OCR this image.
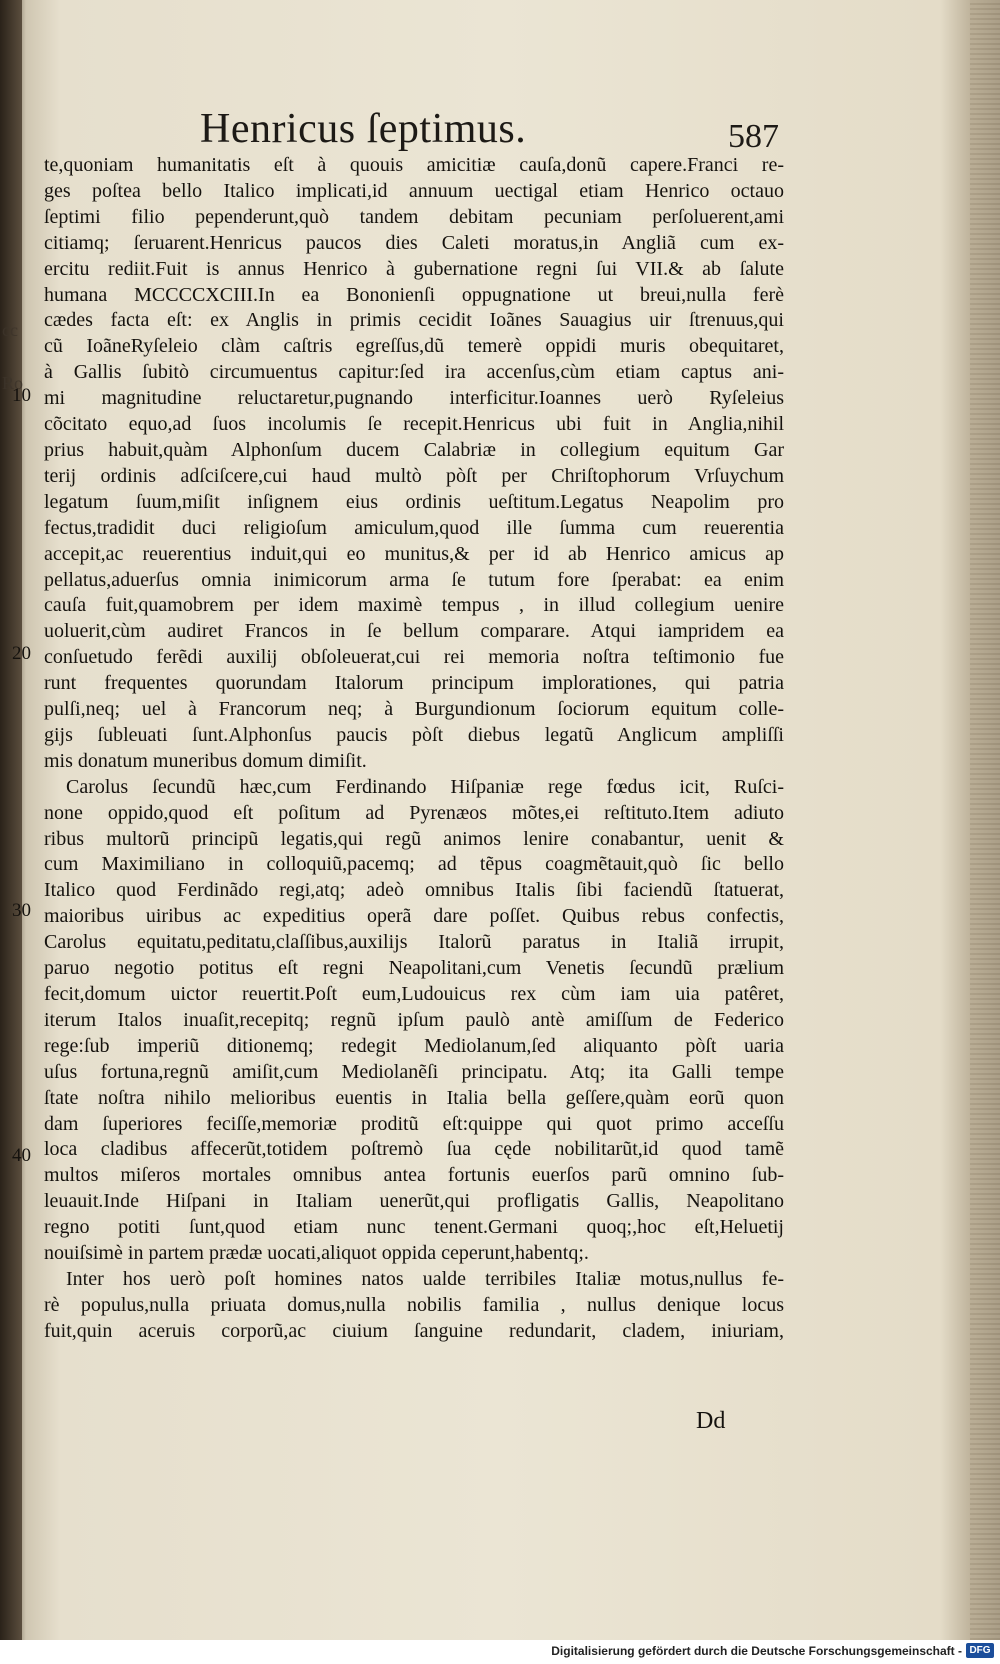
Henricus ſeptimus.	587
Ro
cc
10
20
30
40
te,quoniam humanitatis eſt à quouis amicitiæ cauſa,donũ capere.Franci re-
ges poſtea bello Italico implicati,id annuum uectigal etiam Henrico octauo
ſeptimi filio pependerunt,quò tandem debitam pecuniam perſoluerent,ami
citiamq; ſeruarent.Henricus paucos dies Caleti moratus,in Angliã cum ex-
ercitu rediit.Fuit is annus Henrico à gubernatione regni ſui VII.& ab ſalute
humana MCCCCXCIII.In ea Bononienſi oppugnatione ut breui,nulla ferè
cædes facta eſt: ex Anglis in primis cecidit Ioãnes Sauagius uir ſtrenuus,qui
cũ IoãneRyſeleio clàm caſtris egreſſus,dũ temerè oppidi muris obequitaret,
à Gallis ſubitò circumuentus capitur:ſed ira accenſus,cùm etiam captus ani-
mi magnitudine reluctaretur,pugnando interficitur.Ioannes uerò Ryſeleius
cõcitato equo,ad ſuos incolumis ſe recepit.Henricus ubi fuit in Anglia,nihil
prius habuit,quàm Alphonſum ducem Calabriæ in collegium equitum Gar
terij ordinis adſciſcere,cui haud multò pòſt per Chriſtophorum Vrſuychum
legatum ſuum,miſit inſignem eius ordinis ueſtitum.Legatus Neapolim pro
fectus,tradidit duci religioſum amiculum,quod ille ſumma cum reuerentia
accepit,ac reuerentius induit,qui eo munitus,& per id ab Henrico amicus ap
pellatus,aduerſus omnia inimicorum arma ſe tutum fore ſperabat: ea enim
cauſa fuit,quamobrem per idem maximè tempus , in illud collegium uenire
uoluerit,cùm audiret Francos in ſe bellum comparare. Atqui iampridem ea
conſuetudo ferẽdi auxilij obſoleuerat,cui rei memoria noſtra teſtimonio fue
runt frequentes quorundam Italorum principum implorationes, qui patria
pulſi,neq; uel à Francorum neq; à Burgundionum ſociorum equitum colle-
gijs ſubleuati ſunt.Alphonſus paucis pòſt diebus legatũ Anglicum ampliſſi
mis donatum muneribus domum dimiſit.
Carolus ſecundũ hæc,cum Ferdinando Hiſpaniæ rege fœdus icit, Ruſci-
none oppido,quod eſt poſitum ad Pyrenæos mõtes,ei reſtituto.Item adiuto
ribus multorũ principũ legatis,qui regũ animos lenire conabantur, uenit &
cum Maximiliano in colloquiũ,pacemq; ad tẽpus coagmẽtauit,quò ſic bello
Italico quod Ferdinãdo regi,atq; adeò omnibus Italis ſibi faciendũ ſtatuerat,
maioribus uiribus ac expeditius operã dare poſſet. Quibus rebus confectis,
Carolus equitatu,peditatu,claſſibus,auxilijs Italorũ paratus in Italiã irrupit,
paruo negotio potitus eſt regni Neapolitani,cum Venetis ſecundũ prælium
fecit,domum uictor reuertit.Poſt eum,Ludouicus rex cùm iam uia patêret,
iterum Italos inuaſit,recepitq; regnũ ipſum paulò antè amiſſum de Federico
rege:ſub imperiũ ditionemq; redegit Mediolanum,ſed aliquanto pòſt uaria
uſus fortuna,regnũ amiſit,cum Mediolanẽſi principatu. Atq; ita Galli tempe
ſtate noſtra nihilo melioribus euentis in Italia bella geſſere,quàm eorũ quon
dam ſuperiores feciſſe,memoriæ proditũ eſt:quippe qui quot primo acceſſu
loca cladibus affecerũt,totidem poſtremò ſua cęde nobilitarũt,id quod tamẽ
multos miſeros mortales omnibus antea fortunis euerſos parũ omnino ſub-
leuauit.Inde Hiſpani in Italiam uenerũt,qui profligatis Gallis, Neapolitano
regno potiti ſunt,quod etiam nunc tenent.Germani quoq;,hoc eſt,Heluetij
nouiſsimè in partem prædæ uocati,aliquot oppida ceperunt,habentq;.
Inter hos uerò poſt homines natos ualde terribiles Italiæ motus,nullus fe-
rè populus,nulla priuata domus,nulla nobilis familia , nullus denique locus
fuit,quin aceruis corporũ,ac ciuium ſanguine redundarit, cladem, iniuriam,
Dd
Digitalisierung gefördert durch die Deutsche Forschungsgemeinschaft - DFG
